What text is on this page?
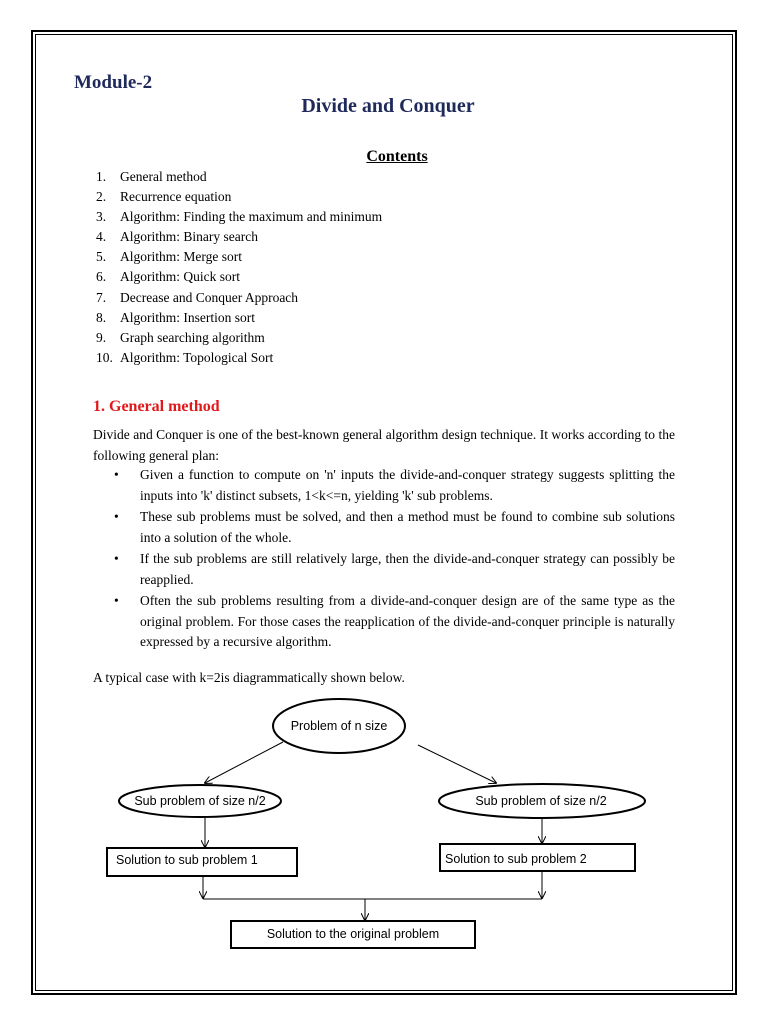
Module-2
Divide and Conquer
Contents
1. General method
2. Recurrence equation
3. Algorithm: Finding the maximum and minimum
4. Algorithm: Binary search
5. Algorithm: Merge sort
6. Algorithm: Quick sort
7. Decrease and Conquer Approach
8. Algorithm: Insertion sort
9. Graph searching algorithm
10. Algorithm: Topological Sort
1. General method
Divide and Conquer is one of the best-known general algorithm design technique. It works according to the following general plan:
• Given a function to compute on 'n' inputs the divide-and-conquer strategy suggests splitting the inputs into 'k' distinct subsets, 1<k<=n, yielding 'k' sub problems.
• These sub problems must be solved, and then a method must be found to combine sub solutions into a solution of the whole.
• If the sub problems are still relatively large, then the divide-and-conquer strategy can possibly be reapplied.
• Often the sub problems resulting from a divide-and-conquer design are of the same type as the original problem. For those cases the reapplication of the divide-and-conquer principle is naturally expressed by a recursive algorithm.
A typical case with k=2is diagrammatically shown below.
Problem of n size
Sub problem of size n/2	Sub problem of size n/2
Solution to sub problem 1	Solution to sub problem 2
Solution to the original problem
